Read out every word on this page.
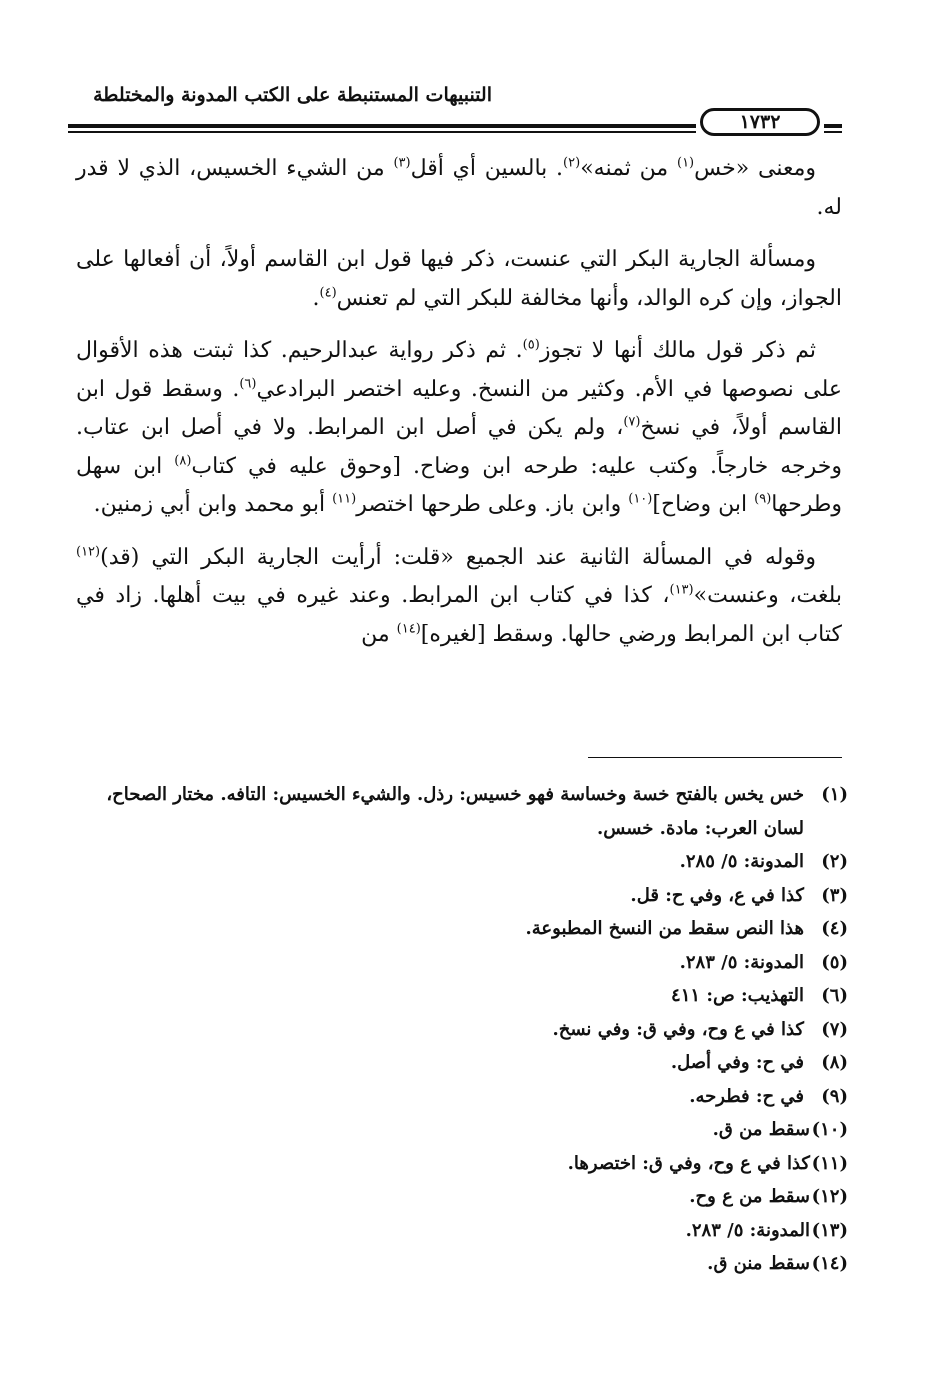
التنبيهات المستنبطة على الكتب المدونة والمختلطة
١٧٣٢

ومعنى «خس$^{(١)}$ من ثمنه»$^{(٢)}$. بالسين أي أقل$^{(٣)}$ من الشيء الخسيس، الذي لا قدر له.

ومسألة الجارية البكر التي عنست، ذكر فيها قول ابن القاسم أولاً، أن أفعالها على الجواز، وإن كره الوالد، وأنها مخالفة للبكر التي لم تعنس$^{(٤)}$.

ثم ذكر قول مالك أنها لا تجوز$^{(٥)}$. ثم ذكر رواية عبدالرحيم. كذا ثبتت هذه الأقوال على نصوصها في الأم. وكثير من النسخ. وعليه اختصر البرادعي$^{(٦)}$. وسقط قول ابن القاسم أولاً، في نسخ$^{(٧)}$، ولم يكن في أصل ابن المرابط. ولا في أصل ابن عتاب. وخرجه خارجاً. وكتب عليه: طرحه ابن وضاح. [وحوق عليه في كتاب$^{(٨)}$ ابن سهل وطرحها$^{(٩)}$ ابن وضاح]$^{(١٠)}$ وابن باز. وعلى طرحها اختصر$^{(١١)}$ أبو محمد وابن أبي زمنين.

وقوله في المسألة الثانية عند الجميع «قلت: أرأيت الجارية البكر التي (قد)$^{(١٢)}$ بلغت، وعنست»$^{(١٣)}$، كذا في كتاب ابن المرابط. وعند غيره في بيت أهلها. زاد في كتاب ابن المرابط ورضي حالها. وسقط [لغيره]$^{(١٤)}$ من

(١)
خس يخس بالفتح خسة وخساسة فهو خسيس: رذل. والشيء الخسيس: التافه. مختار الصحاح، لسان العرب: مادة. خسس.
(٢)
المدونة: ٥/ ٢٨٥.
(٣)
كذا في ع، وفي ح: قل.
(٤)
هذا النص سقط من النسخ المطبوعة.
(٥)
المدونة: ٥/ ٢٨٣.
(٦)
التهذيب: ص: ٤١١
(٧)
كذا في ع وح، وفي ق: وفي نسخ.
(٨)
في ح: وفي أصل.
(٩)
في ح: فطرحه.
(١٠)
سقط من ق.
(١١)
كذا في ع وح، وفي ق: اختصرها.
(١٢)
سقط من ع وح.
(١٣)
المدونة: ٥/ ٢٨٣.
(١٤)
سقط منن ق.
